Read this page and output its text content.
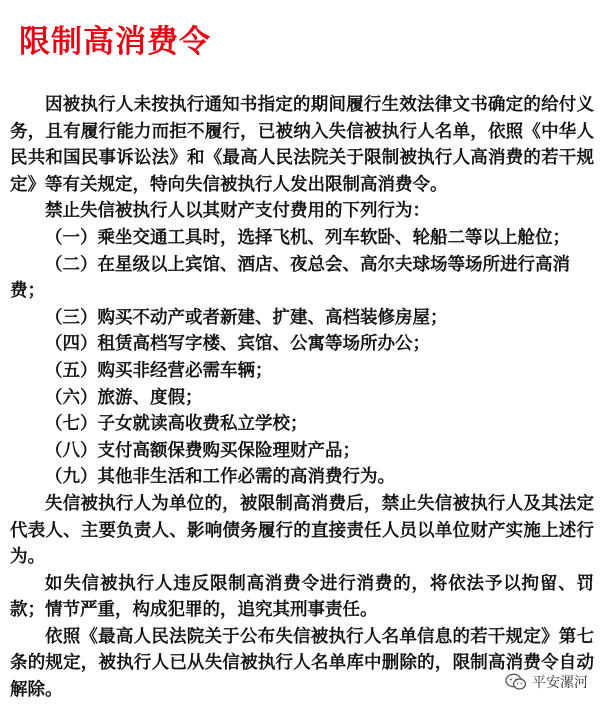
限制高消费令

因被执行人未按执行通知书指定的期间履行生效法律文书确定的给付义务，且有履行能力而拒不履行，已被纳入失信被执行人名单，依照《中华人民共和国民事诉讼法》和《最高人民法院关于限制被执行人高消费的若干规定》等有关规定，特向失信被执行人发出限制高消费令。

禁止失信被执行人以其财产支付费用的下列行为：

（一）乘坐交通工具时，选择飞机、列车软卧、轮船二等以上舱位；

（二）在星级以上宾馆、酒店、夜总会、高尔夫球场等场所进行高消费；

（三）购买不动产或者新建、扩建、高档装修房屋；

（四）租赁高档写字楼、宾馆、公寓等场所办公；

（五）购买非经营必需车辆；

（六）旅游、度假；

（七）子女就读高收费私立学校；

（八）支付高额保费购买保险理财产品；

（九）其他非生活和工作必需的高消费行为。

失信被执行人为单位的，被限制高消费后，禁止失信被执行人及其法定代表人、主要负责人、影响债务履行的直接责任人员以单位财产实施上述行为。

如失信被执行人违反限制高消费令进行消费的，将依法予以拘留、罚款；情节严重，构成犯罪的，追究其刑事责任。

依照《最高人民法院关于公布失信被执行人名单信息的若干规定》第七条的规定，被执行人已从失信被执行人名单库中删除的，限制高消费令自动解除。	平安漯河
